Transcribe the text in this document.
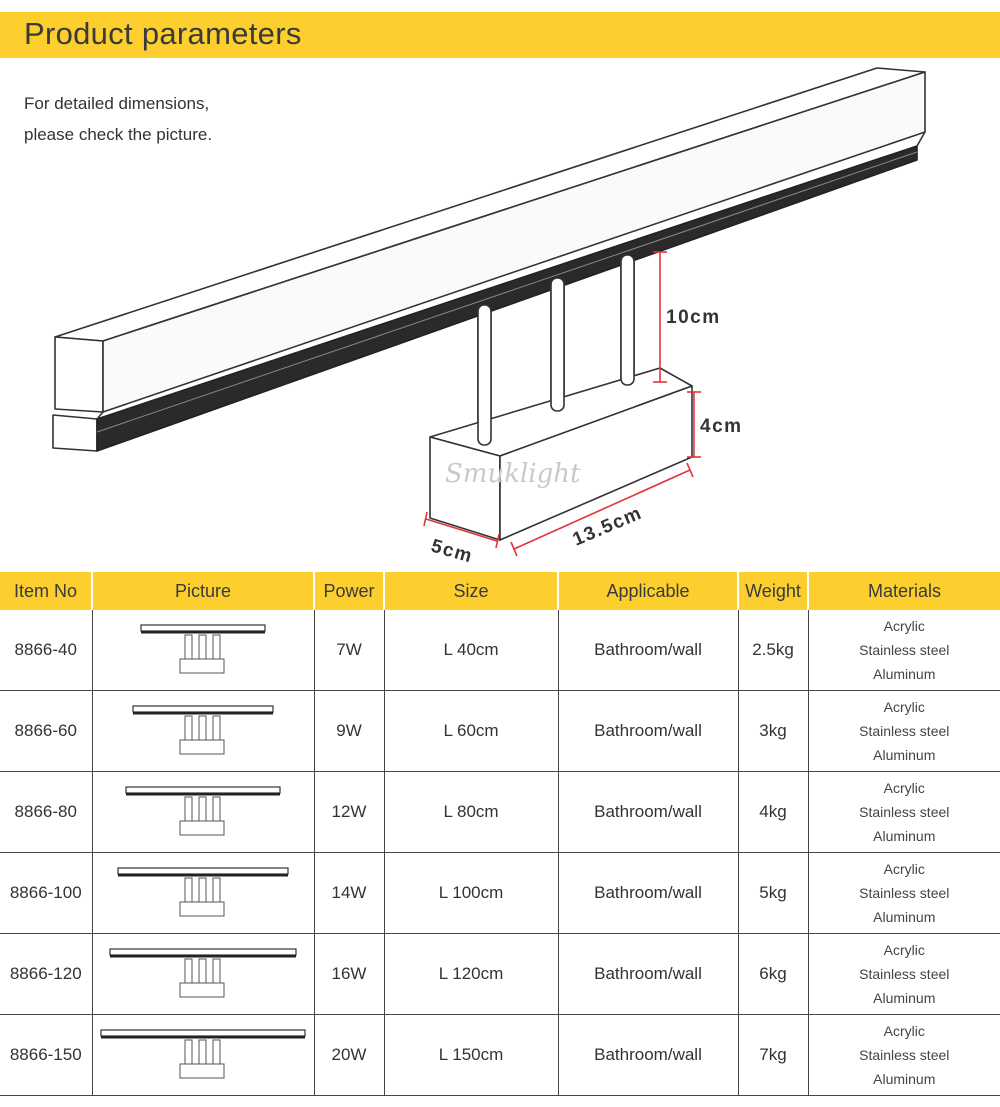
Product parameters
For detailed dimensions,
please check the picture.
Smuklight
10cm
4cm
5cm
13.5cm
Item No	Picture	Power	Size	Applicable	Weight	Materials
8866-40		7W	L 40cm	Bathroom/wall	2.5kg	Acrylic
Stainless steel
Aluminum

8866-60		9W	L 60cm	Bathroom/wall	3kg	Acrylic
Stainless steel
Aluminum

8866-80		12W	L 80cm	Bathroom/wall	4kg	Acrylic
Stainless steel
Aluminum

8866-100		14W	L 100cm	Bathroom/wall	5kg	Acrylic
Stainless steel
Aluminum

8866-120		16W	L 120cm	Bathroom/wall	6kg	Acrylic
Stainless steel
Aluminum

8866-150		20W	L 150cm	Bathroom/wall	7kg	Acrylic
Stainless steel
Aluminum
